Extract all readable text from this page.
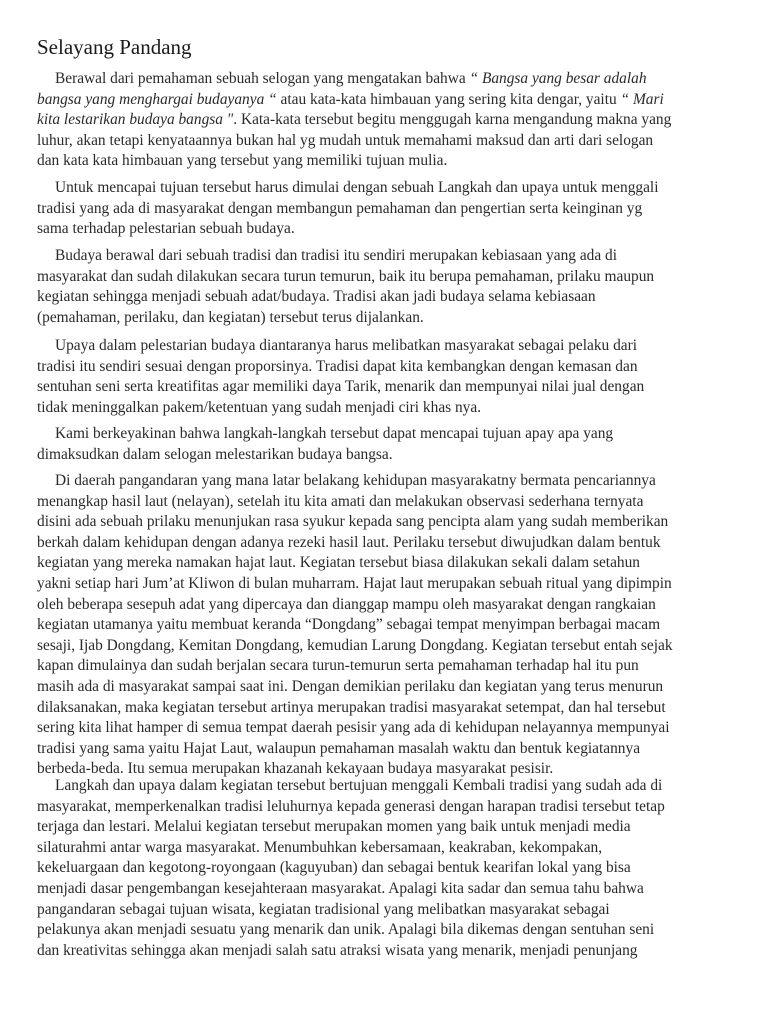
Selayang Pandang

Berawal dari pemahaman sebuah selogan yang mengatakan bahwa “ Bangsa yang besar adalah
bangsa yang menghargai budayanya “ atau kata-kata himbauan yang sering kita dengar, yaitu “ Mari
kita lestarikan budaya bangsa ". Kata-kata tersebut begitu menggugah karna mengandung makna yang
luhur, akan tetapi kenyataannya bukan hal yg mudah untuk memahami maksud dan arti dari selogan
dan kata kata himbauan yang tersebut yang memiliki tujuan mulia.

Untuk mencapai tujuan tersebut harus dimulai dengan sebuah Langkah dan upaya untuk menggali
tradisi yang ada di masyarakat dengan membangun pemahaman dan pengertian serta keinginan yg
sama terhadap pelestarian sebuah budaya.

Budaya berawal dari sebuah tradisi dan tradisi itu sendiri merupakan kebiasaan yang ada di
masyarakat dan sudah dilakukan secara turun temurun, baik itu berupa pemahaman, prilaku maupun
kegiatan sehingga menjadi sebuah adat/budaya. Tradisi akan jadi budaya selama kebiasaan
(pemahaman, perilaku, dan kegiatan) tersebut terus dijalankan.

Upaya dalam pelestarian budaya diantaranya harus melibatkan masyarakat sebagai pelaku dari
tradisi itu sendiri sesuai dengan proporsinya. Tradisi dapat kita kembangkan dengan kemasan dan
sentuhan seni serta kreatifitas agar memiliki daya Tarik, menarik dan mempunyai nilai jual dengan
tidak meninggalkan pakem/ketentuan yang sudah menjadi ciri khas nya.

Kami berkeyakinan bahwa langkah-langkah tersebut dapat mencapai tujuan apay apa yang
dimaksudkan dalam selogan melestarikan budaya bangsa.

Di daerah pangandaran yang mana latar belakang kehidupan masyarakatny bermata pencariannya
menangkap hasil laut (nelayan), setelah itu kita amati dan melakukan observasi sederhana ternyata
disini ada sebuah prilaku menunjukan rasa syukur kepada sang pencipta alam yang sudah memberikan
berkah dalam kehidupan dengan adanya rezeki hasil laut. Perilaku tersebut diwujudkan dalam bentuk
kegiatan yang mereka namakan hajat laut. Kegiatan tersebut biasa dilakukan sekali dalam setahun
yakni setiap hari Jum’at Kliwon di bulan muharram. Hajat laut merupakan sebuah ritual yang dipimpin
oleh beberapa sesepuh adat yang dipercaya dan dianggap mampu oleh masyarakat dengan rangkaian
kegiatan utamanya yaitu membuat keranda “Dongdang” sebagai tempat menyimpan berbagai macam
sesaji, Ijab Dongdang, Kemitan Dongdang, kemudian Larung Dongdang. Kegiatan tersebut entah sejak
kapan dimulainya dan sudah berjalan secara turun-temurun serta pemahaman terhadap hal itu pun
masih ada di masyarakat sampai saat ini. Dengan demikian perilaku dan kegiatan yang terus menurun
dilaksanakan, maka kegiatan tersebut artinya merupakan tradisi masyarakat setempat, dan hal tersebut
sering kita lihat hamper di semua tempat daerah pesisir yang ada di kehidupan nelayannya mempunyai
tradisi yang sama yaitu Hajat Laut, walaupun pemahaman masalah waktu dan bentuk kegiatannya
berbeda-beda. Itu semua merupakan khazanah kekayaan budaya masyarakat pesisir.

Langkah dan upaya dalam kegiatan tersebut bertujuan menggali Kembali tradisi yang sudah ada di
masyarakat, memperkenalkan tradisi leluhurnya kepada generasi dengan harapan tradisi tersebut tetap
terjaga dan lestari. Melalui kegiatan tersebut merupakan momen yang baik untuk menjadi media
silaturahmi antar warga masyarakat. Menumbuhkan kebersamaan, keakraban, kekompakan,
kekeluargaan dan kegotong-royongaan (kaguyuban) dan sebagai bentuk kearifan lokal yang bisa
menjadi dasar pengembangan kesejahteraan masyarakat. Apalagi kita sadar dan semua tahu bahwa
pangandaran sebagai tujuan wisata, kegiatan tradisional yang melibatkan masyarakat sebagai
pelakunya akan menjadi sesuatu yang menarik dan unik. Apalagi bila dikemas dengan sentuhan seni
dan kreativitas sehingga akan menjadi salah satu atraksi wisata yang menarik, menjadi penunjang
